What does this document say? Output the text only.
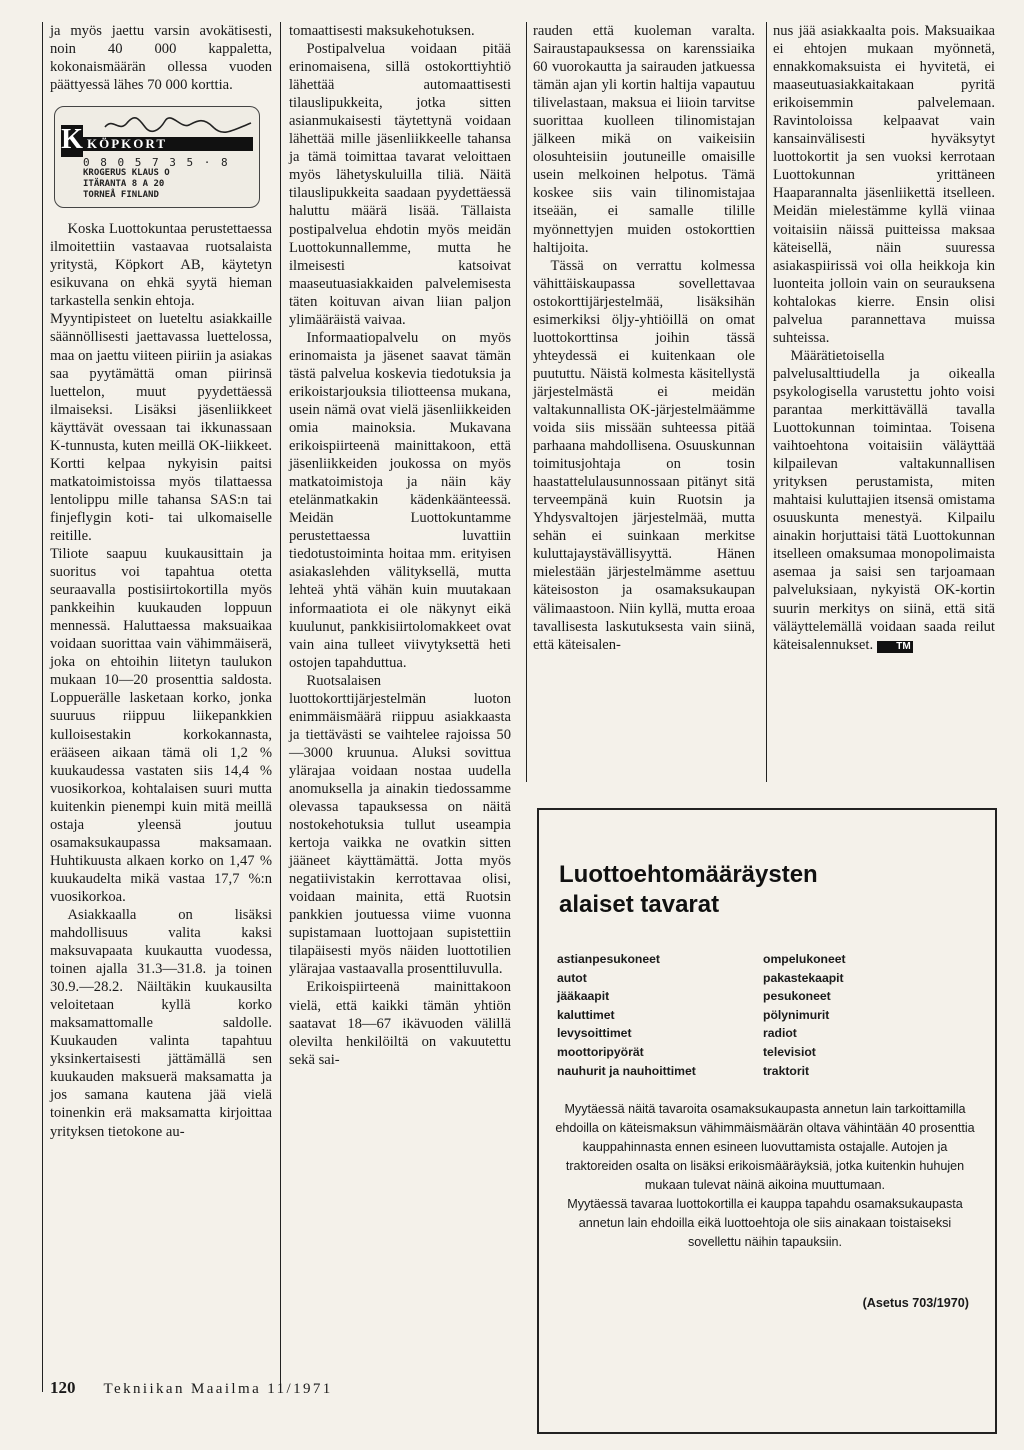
ja myös jaettu varsin avokätisesti, noin 40 000 kappaletta, kokonaismäärän ollessa vuoden päättyessä lähes 70 000 korttia.

K KÖPKORT
0 8 0 5 7 3 5 · 8
KROGERUS KLAUS O
ITÄRANTA 8 A 20
TORNEÅ FINLAND

Koska Luottokuntaa perustettaessa ilmoitettiin vastaavaa ruotsalaista yritystä, Köpkort AB, käytetyn esikuvana on ehkä syytä hieman tarkastella senkin ehtoja.

Myyntipisteet on lueteltu asiakkaille säännöllisesti jaettavassa luettelossa, maa on jaettu viiteen piiriin ja asiakas saa pyytämättä oman piirinsä luettelon, muut pyydettäessä ilmaiseksi. Lisäksi jäsenliikkeet käyttävät ovessaan tai ikkunassaan K-tunnusta, kuten meillä OK-liikkeet. Kortti kelpaa nykyisin paitsi matkatoimistoissa myös tilattaessa lentolippu mille tahansa SAS:n tai finjeflygin koti- tai ulkomaiselle reitille.

Tiliote saapuu kuukausittain ja suoritus voi tapahtua otetta seuraavalla postisiirtokortilla myös pankkeihin kuukauden loppuun mennessä. Haluttaessa maksuaikaa voidaan suorittaa vain vähimmäiserä, joka on ehtoihin liitetyn taulukon mukaan 10—20 prosenttia saldosta. Loppuerälle lasketaan korko, jonka suuruus riippuu liikepankkien kulloisestakin korkokannasta, erääseen aikaan tämä oli 1,2 % kuukaudessa vastaten siis 14,4 % vuosikorkoa, kohtalaisen suuri mutta kuitenkin pienempi kuin mitä meillä ostaja yleensä joutuu osamaksukaupassa maksamaan. Huhtikuusta alkaen korko on 1,47 % kuukaudelta mikä vastaa 17,7 %:n vuosikorkoa.

Asiakkaalla on lisäksi mahdollisuus valita kaksi maksuvapaata kuukautta vuodessa, toinen ajalla 31.3—31.8. ja toinen 30.9.—28.2. Näiltäkin kuukausilta veloitetaan kyllä korko maksamattomalle saldolle. Kuukauden valinta tapahtuu yksinkertaisesti jättämällä sen kuukauden maksuerä maksamatta ja jos samana kautena jää vielä toinenkin erä maksamatta kirjoittaa yrityksen tietokone au-

tomaattisesti maksukehotuksen.

Postipalvelua voidaan pitää erinomaisena, sillä ostokorttiyhtiö lähettää automaattisesti tilauslipukkeita, jotka sitten asianmukaisesti täytettynä voidaan lähettää mille jäsenliikkeelle tahansa ja tämä toimittaa tavarat veloittaen myös lähetyskuluilla tiliä. Näitä tilauslipukkeita saadaan pyydettäessä haluttu määrä lisää. Tällaista postipalvelua ehdotin myös meidän Luottokunnallemme, mutta he ilmeisesti katsoivat maaseutuasiakkaiden palvelemisesta täten koituvan aivan liian paljon ylimääräistä vaivaa.

Informaatiopalvelu on myös erinomaista ja jäsenet saavat tämän tästä palvelua koskevia tiedotuksia ja erikoistarjouksia tiliotteensa mukana, usein nämä ovat vielä jäsenliikkeiden omia mainoksia. Mukavana erikoispiirteenä mainittakoon, että jäsenliikkeiden joukossa on myös matkatoimistoja ja näin käy etelänmatkakin kädenkäänteessä. Meidän Luottokuntamme perustettaessa luvattiin tiedotustoiminta hoitaa mm. erityisen asiakaslehden välityksellä, mutta lehteä yhtä vähän kuin muutakaan informaatiota ei ole näkynyt eikä kuulunut, pankkisiirtolomakkeet ovat vain aina tulleet viivytyksettä heti ostojen tapahduttua.

Ruotsalaisen luottokorttijärjestelmän luoton enimmäismäärä riippuu asiakkaasta ja tiettävästi se vaihtelee rajoissa 50—3000 kruunua. Aluksi sovittua ylärajaa voidaan nostaa uudella anomuksella ja ainakin tiedossamme olevassa tapauksessa on näitä nostokehotuksia tullut useampia kertoja vaikka ne ovatkin sitten jääneet käyttämättä. Jotta myös negatiivistakin kerrottavaa olisi, voidaan mainita, että Ruotsin pankkien joutuessa viime vuonna supistamaan luottojaan supistettiin tilapäisesti myös näiden luottotilien ylärajaa vastaavalla prosenttiluvulla.

Erikoispiirteenä mainittakoon vielä, että kaikki tämän yhtiön saatavat 18—67 ikävuoden välillä olevilta henkilöiltä on vakuutettu sekä sai-

rauden että kuoleman varalta. Sairaustapauksessa on karenssiaika 60 vuorokautta ja sairauden jatkuessa tämän ajan yli kortin haltija vapautuu tilivelastaan, maksua ei liioin tarvitse suorittaa kuolleen tilinomistajan jälkeen mikä on vaikeisiin olosuhteisiin joutuneille omaisille usein melkoinen helpotus. Tämä koskee siis vain tilinomistajaa itseään, ei samalle tilille myönnettyjen muiden ostokorttien haltijoita.

Tässä on verrattu kolmessa vähittäiskaupassa sovellettavaa ostokorttijärjestelmää, lisäksihän esimerkiksi öljy-yhtiöillä on omat luottokorttinsa joihin tässä yhteydessä ei kuitenkaan ole puututtu. Näistä kolmesta käsitellystä järjestelmästä ei meidän valtakunnallista OK-järjestelmäämme voida siis missään suhteessa pitää parhaana mahdollisena. Osuuskunnan toimitusjohtaja on tosin haastattelulausunnossaan pitänyt sitä terveempänä kuin Ruotsin ja Yhdysvaltojen järjestelmää, mutta sehän ei suinkaan merkitse kuluttajaystävällisyyttä. Hänen mielestään järjestelmämme asettuu käteisoston ja osamaksukaupan välimaastoon. Niin kyllä, mutta eroaa tavallisesta laskutuksesta vain siinä, että käteisalen-

nus jää asiakkaalta pois. Maksuaikaa ei ehtojen mukaan myönnetä, ennakkomaksuista ei hyvitetä, ei maaseutuasiakkaitakaan pyritä erikoisemmin palvelemaan. Ravintoloissa kelpaavat vain kansainvälisesti hyväksytyt luottokortit ja sen vuoksi kerrotaan Luottokunnan yrittäneen Haaparannalta jäsenliikettä itselleen. Meidän mielestämme kyllä viinaa voitaisiin näissä puitteissa maksaa käteisellä, näin suuressa asiakaspiirissä voi olla heikkoja kin luonteita jolloin vain on seurauksena kohtalokas kierre. Ensin olisi palvelua parannettava muissa suhteissa.

Määrätietoisella palvelusalttiudella ja oikealla psykologisella varustettu johto voisi parantaa merkittävällä tavalla Luottokunnan toimintaa. Toisena vaihtoehtona voitaisiin väläyttää kilpailevan valtakunnallisen yrityksen perustamista, miten mahtaisi kuluttajien itsensä omistama osuuskunta menestyä. Kilpailu ainakin horjuttaisi tätä Luottokunnan itselleen omaksumaa monopolimaista asemaa ja saisi sen tarjoamaan palveluksiaan, nykyistä OK-kortin suurin merkitys on siinä, että sitä väläyttelemällä voidaan saada reilut käteisalennukset. TM

Luottoehtomääräysten
alaiset tavarat
astianpesukoneet
autot
jääkaapit
kaluttimet
levysoittimet
moottoripyörät
nauhurit ja nauhoittimet
ompelukoneet
pakastekaapit
pesukoneet
pölynimurit
radiot
televisiot
traktorit

Myytäessä näitä tavaroita osamaksukaupasta annetun lain tarkoittamilla ehdoilla on käteismaksun vähimmäismäärän oltava vähintään 40 prosenttia kauppahinnasta ennen esineen luovuttamista ostajalle. Autojen ja traktoreiden osalta on lisäksi erikoismääräyksiä, jotka kuitenkin huhujen mukaan tulevat näinä aikoina muuttumaan.

Myytäessä tavaraa luottokortilla ei kauppa tapahdu osamaksukaupasta annetun lain ehdoilla eikä luottoehtoja ole siis ainakaan toistaiseksi sovellettu näihin tapauksiin.

(Asetus 703/1970)
120 Tekniikan Maailma 11/1971
